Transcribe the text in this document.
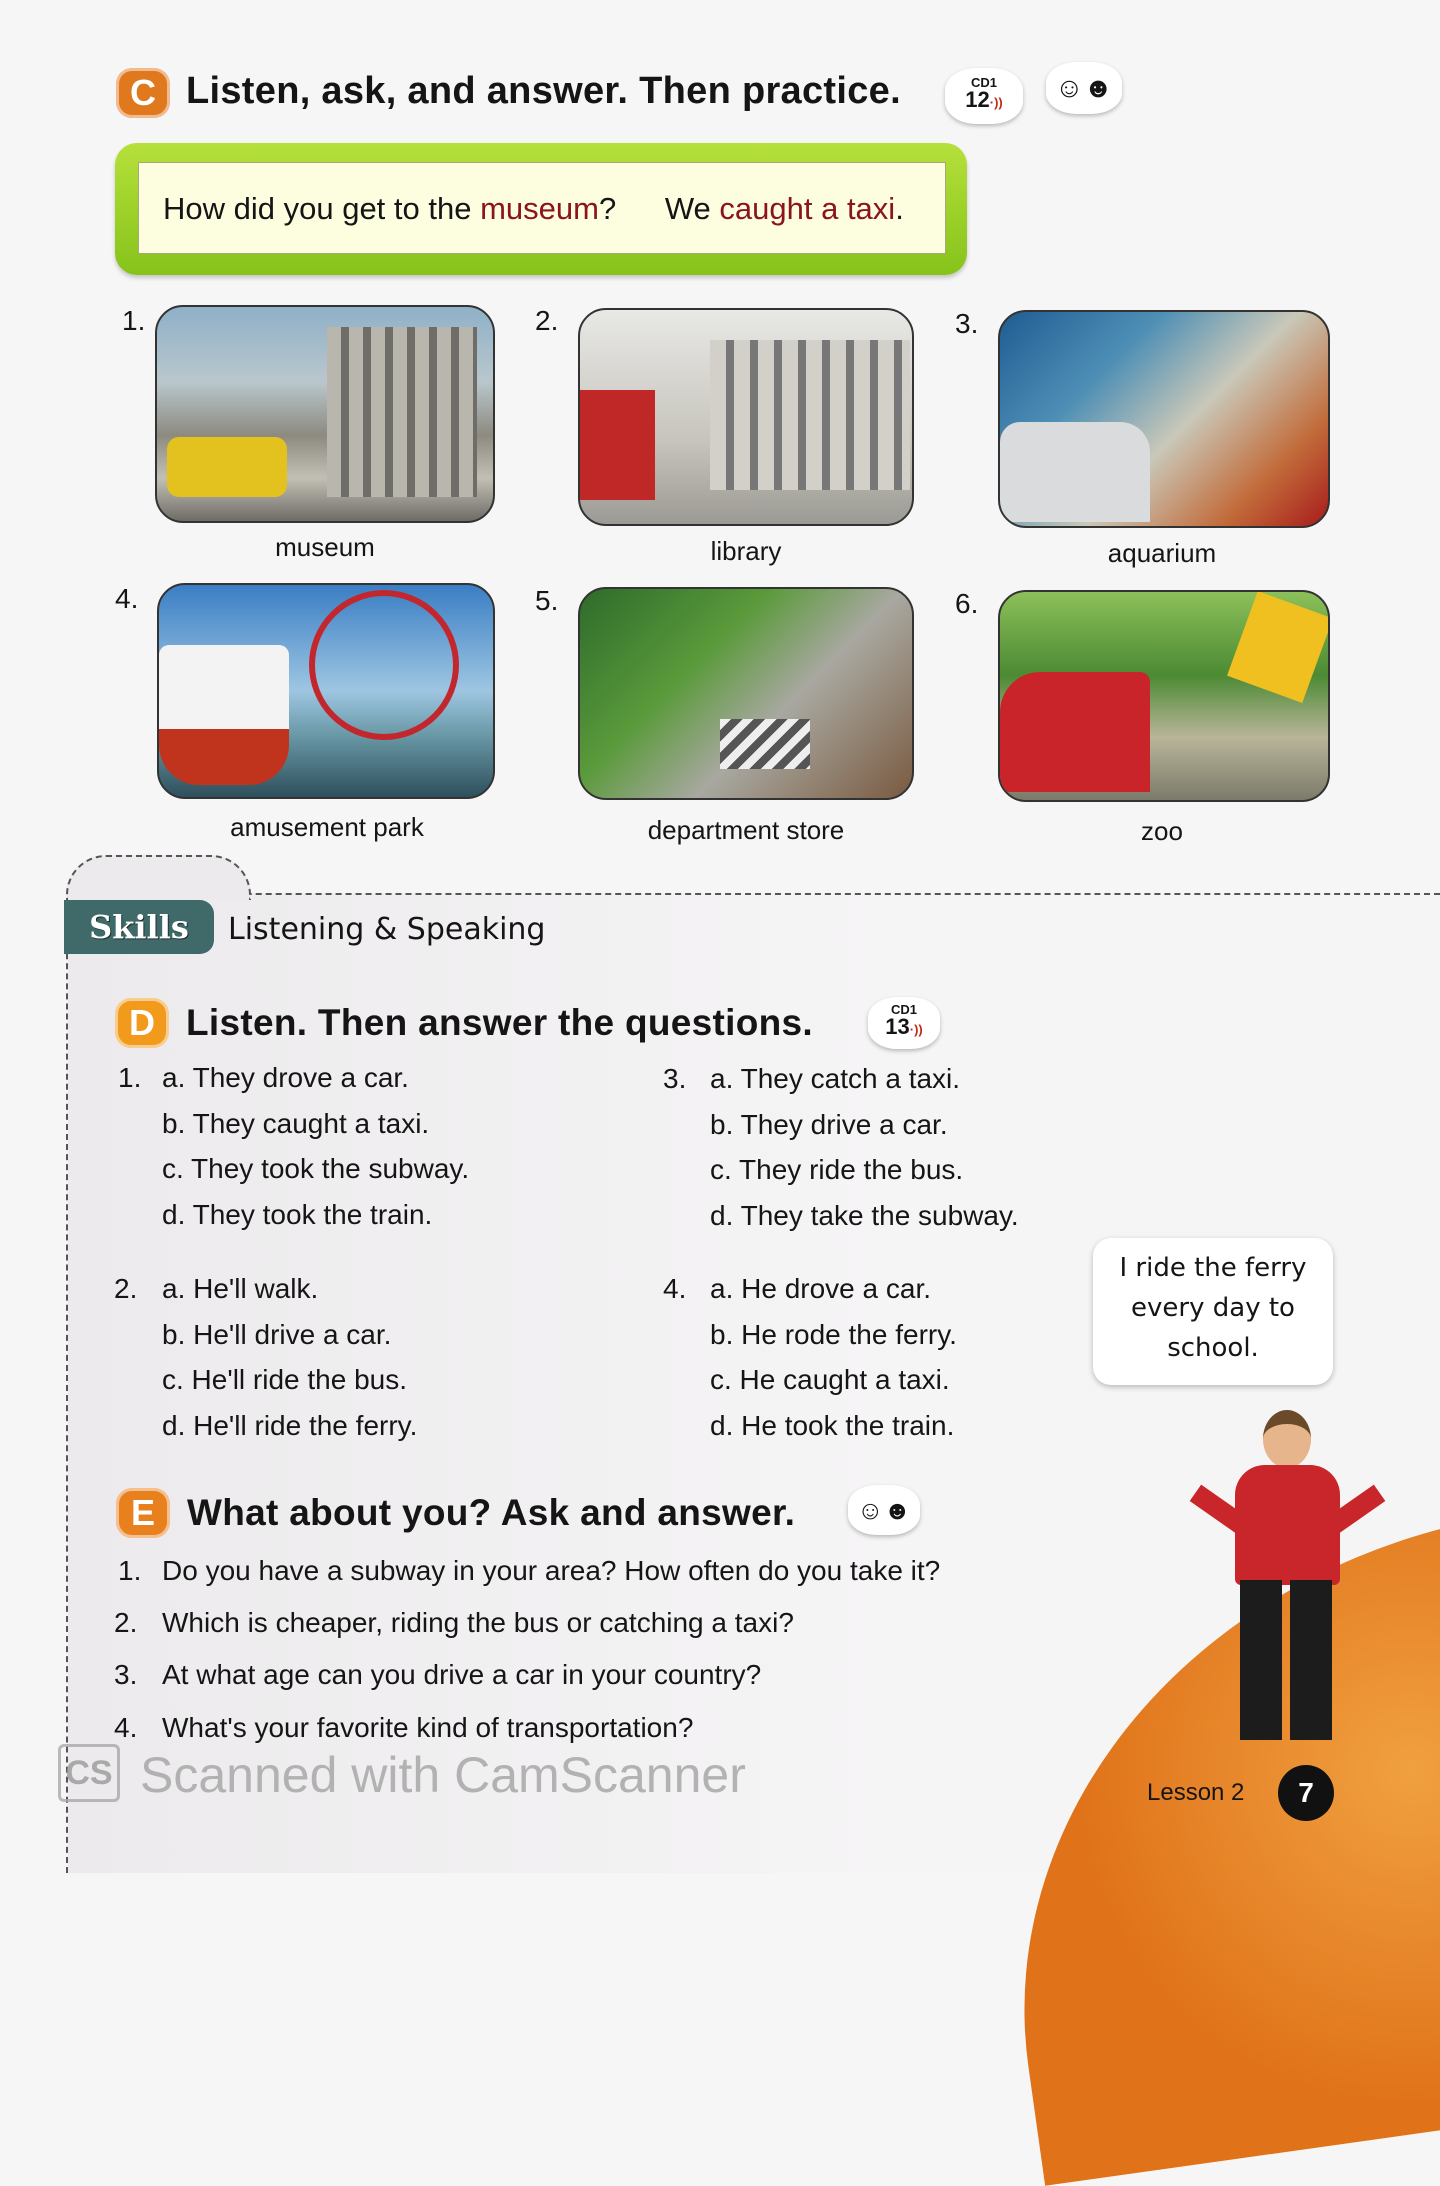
C Listen, ask, and answer. Then practice.	CD1
12·))	☺☻
How did you get to the museum? We caught a taxi.
1.
museum
2.
library
3.
aquarium
4.
amusement park
5.
department store
6.
zoo
Skills	Listening & Speaking
D Listen. Then answer the questions.	CD1
13·))
1. a. They drove a car.
b. They caught a taxi.
c. They took the subway.
d. They took the train.
2. a. He'll walk.
b. He'll drive a car.
c. He'll ride the bus.
d. He'll ride the ferry.
3. a. They catch a taxi.
b. They drive a car.
c. They ride the bus.
d. They take the subway.
4. a. He drove a car.
b. He rode the ferry.
c. He caught a taxi.
d. He took the train.
I ride the ferry every day to school.
E What about you? Ask and answer.	☺☻
1. Do you have a subway in your area? How often do you take it?
2. Which is cheaper, riding the bus or catching a taxi?
3. At what age can you drive a car in your country?
4. What's your favorite kind of transportation?
CS Scanned with CamScanner	Lesson 2	7
